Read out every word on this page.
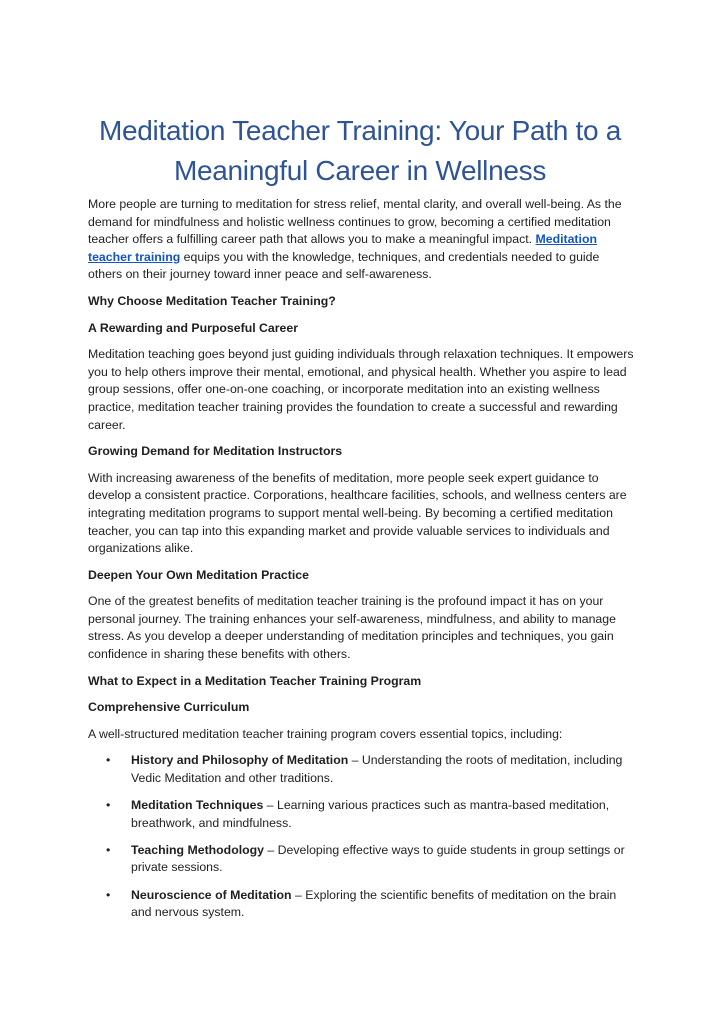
Meditation Teacher Training: Your Path to a
Meaningful Career in Wellness

More people are turning to meditation for stress relief, mental clarity, and overall well-being. As the demand for mindfulness and holistic wellness continues to grow, becoming a certified meditation teacher offers a fulfilling career path that allows you to make a meaningful impact. Meditation teacher training equips you with the knowledge, techniques, and credentials needed to guide others on their journey toward inner peace and self-awareness.

Why Choose Meditation Teacher Training?

A Rewarding and Purposeful Career

Meditation teaching goes beyond just guiding individuals through relaxation techniques. It empowers you to help others improve their mental, emotional, and physical health. Whether you aspire to lead group sessions, offer one-on-one coaching, or incorporate meditation into an existing wellness practice, meditation teacher training provides the foundation to create a successful and rewarding career.

Growing Demand for Meditation Instructors

With increasing awareness of the benefits of meditation, more people seek expert guidance to develop a consistent practice. Corporations, healthcare facilities, schools, and wellness centers are integrating meditation programs to support mental well-being. By becoming a certified meditation teacher, you can tap into this expanding market and provide valuable services to individuals and organizations alike.

Deepen Your Own Meditation Practice

One of the greatest benefits of meditation teacher training is the profound impact it has on your personal journey. The training enhances your self-awareness, mindfulness, and ability to manage stress. As you develop a deeper understanding of meditation principles and techniques, you gain confidence in sharing these benefits with others.

What to Expect in a Meditation Teacher Training Program

Comprehensive Curriculum

A well-structured meditation teacher training program covers essential topics, including:

• History and Philosophy of Meditation – Understanding the roots of meditation, including Vedic Meditation and other traditions.
• Meditation Techniques – Learning various practices such as mantra-based meditation, breathwork, and mindfulness.
• Teaching Methodology – Developing effective ways to guide students in group settings or private sessions.
• Neuroscience of Meditation – Exploring the scientific benefits of meditation on the brain and nervous system.
